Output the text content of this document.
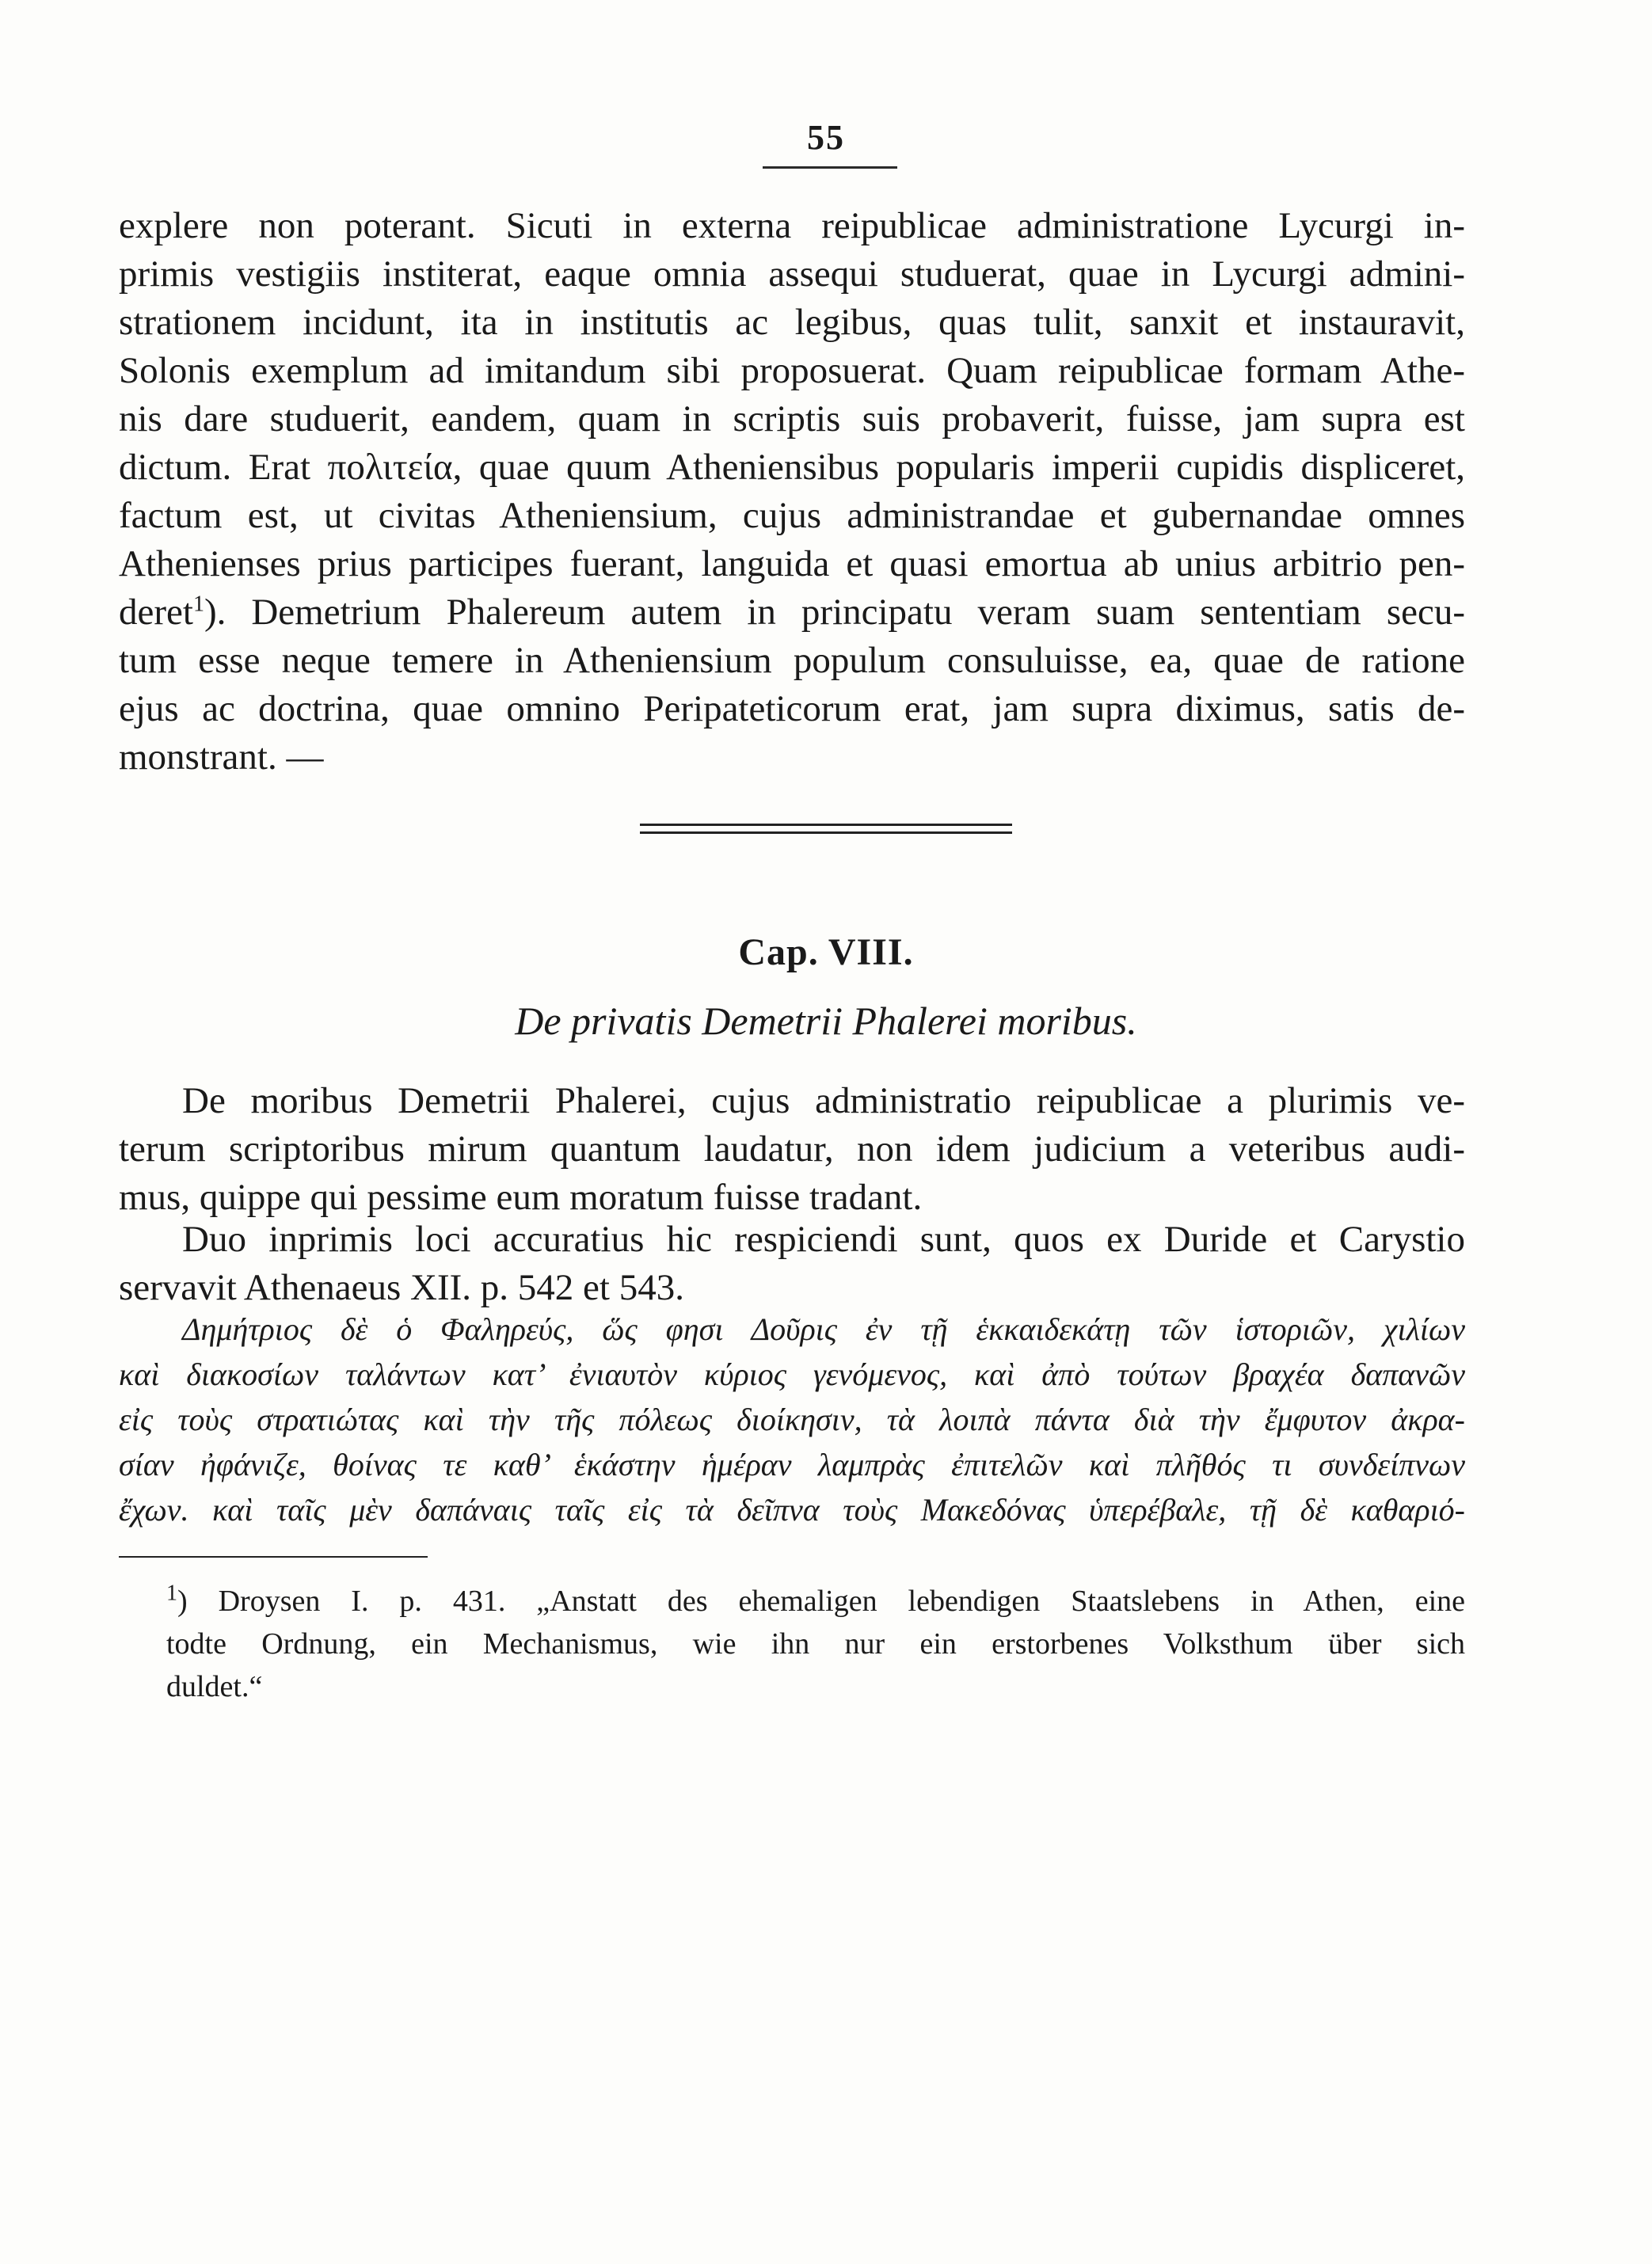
55
explere non poterant. Sicuti in externa reipublicae administratione Lycurgi in-
primis vestigiis institerat, eaque omnia assequi studuerat, quae in Lycurgi admini-
strationem incidunt, ita in institutis ac legibus, quas tulit, sanxit et instauravit,
Solonis exemplum ad imitandum sibi proposuerat. Quam reipublicae formam Athe-
nis dare studuerit, eandem, quam in scriptis suis probaverit, fuisse, jam supra est
dictum. Erat πολιτεία, quae quum Atheniensibus popularis imperii cupidis displiceret,
factum est, ut civitas Atheniensium, cujus administrandae et gubernandae omnes
Athenienses prius participes fuerant, languida et quasi emortua ab unius arbitrio pen-
deret$^1$). Demetrium Phalereum autem in principatu veram suam sententiam secu-
tum esse neque temere in Atheniensium populum consuluisse, ea, quae de ratione
ejus ac doctrina, quae omnino Peripateticorum erat, jam supra diximus, satis de-
monstrant. —
Cap. VIII.
De privatis Demetrii Phalerei moribus.
De moribus Demetrii Phalerei, cujus administratio reipublicae a plurimis ve-
terum scriptoribus mirum quantum laudatur, non idem judicium a veteribus audi-
mus, quippe qui pessime eum moratum fuisse tradant.
Duo inprimis loci accuratius hic respiciendi sunt, quos ex Duride et Carystio
servavit Athenaeus XII. p. 542 et 543.
Δημήτριος δὲ ὁ Φαληρεύς, ὥς φησι Δοῦρις ἐν τῇ ἑκκαιδεκάτῃ τῶν ἱστοριῶν, χιλίων
καὶ διακοσίων ταλάντων κατ’ ἐνιαυτὸν κύριος γενόμενος, καὶ ἀπὸ τούτων βραχέα δαπανῶν
εἰς τοὺς στρατιώτας καὶ τὴν τῆς πόλεως διοίκησιν, τὰ λοιπὰ πάντα διὰ τὴν ἔμφυτον ἀκρα-
σίαν ἠφάνιζε, θοίνας τε καθ’ ἑκάστην ἡμέραν λαμπρὰς ἐπιτελῶν καὶ πλῆθός τι συνδείπνων
ἔχων. καὶ ταῖς μὲν δαπάναις ταῖς εἰς τὰ δεῖπνα τοὺς Μακεδόνας ὑπερέβαλε, τῇ δὲ καθαριό-
$^1$) Droysen I. p. 431. „Anstatt des ehemaligen lebendigen Staatslebens in Athen, eine
todte Ordnung, ein Mechanismus, wie ihn nur ein erstorbenes Volksthum über sich
duldet.“
